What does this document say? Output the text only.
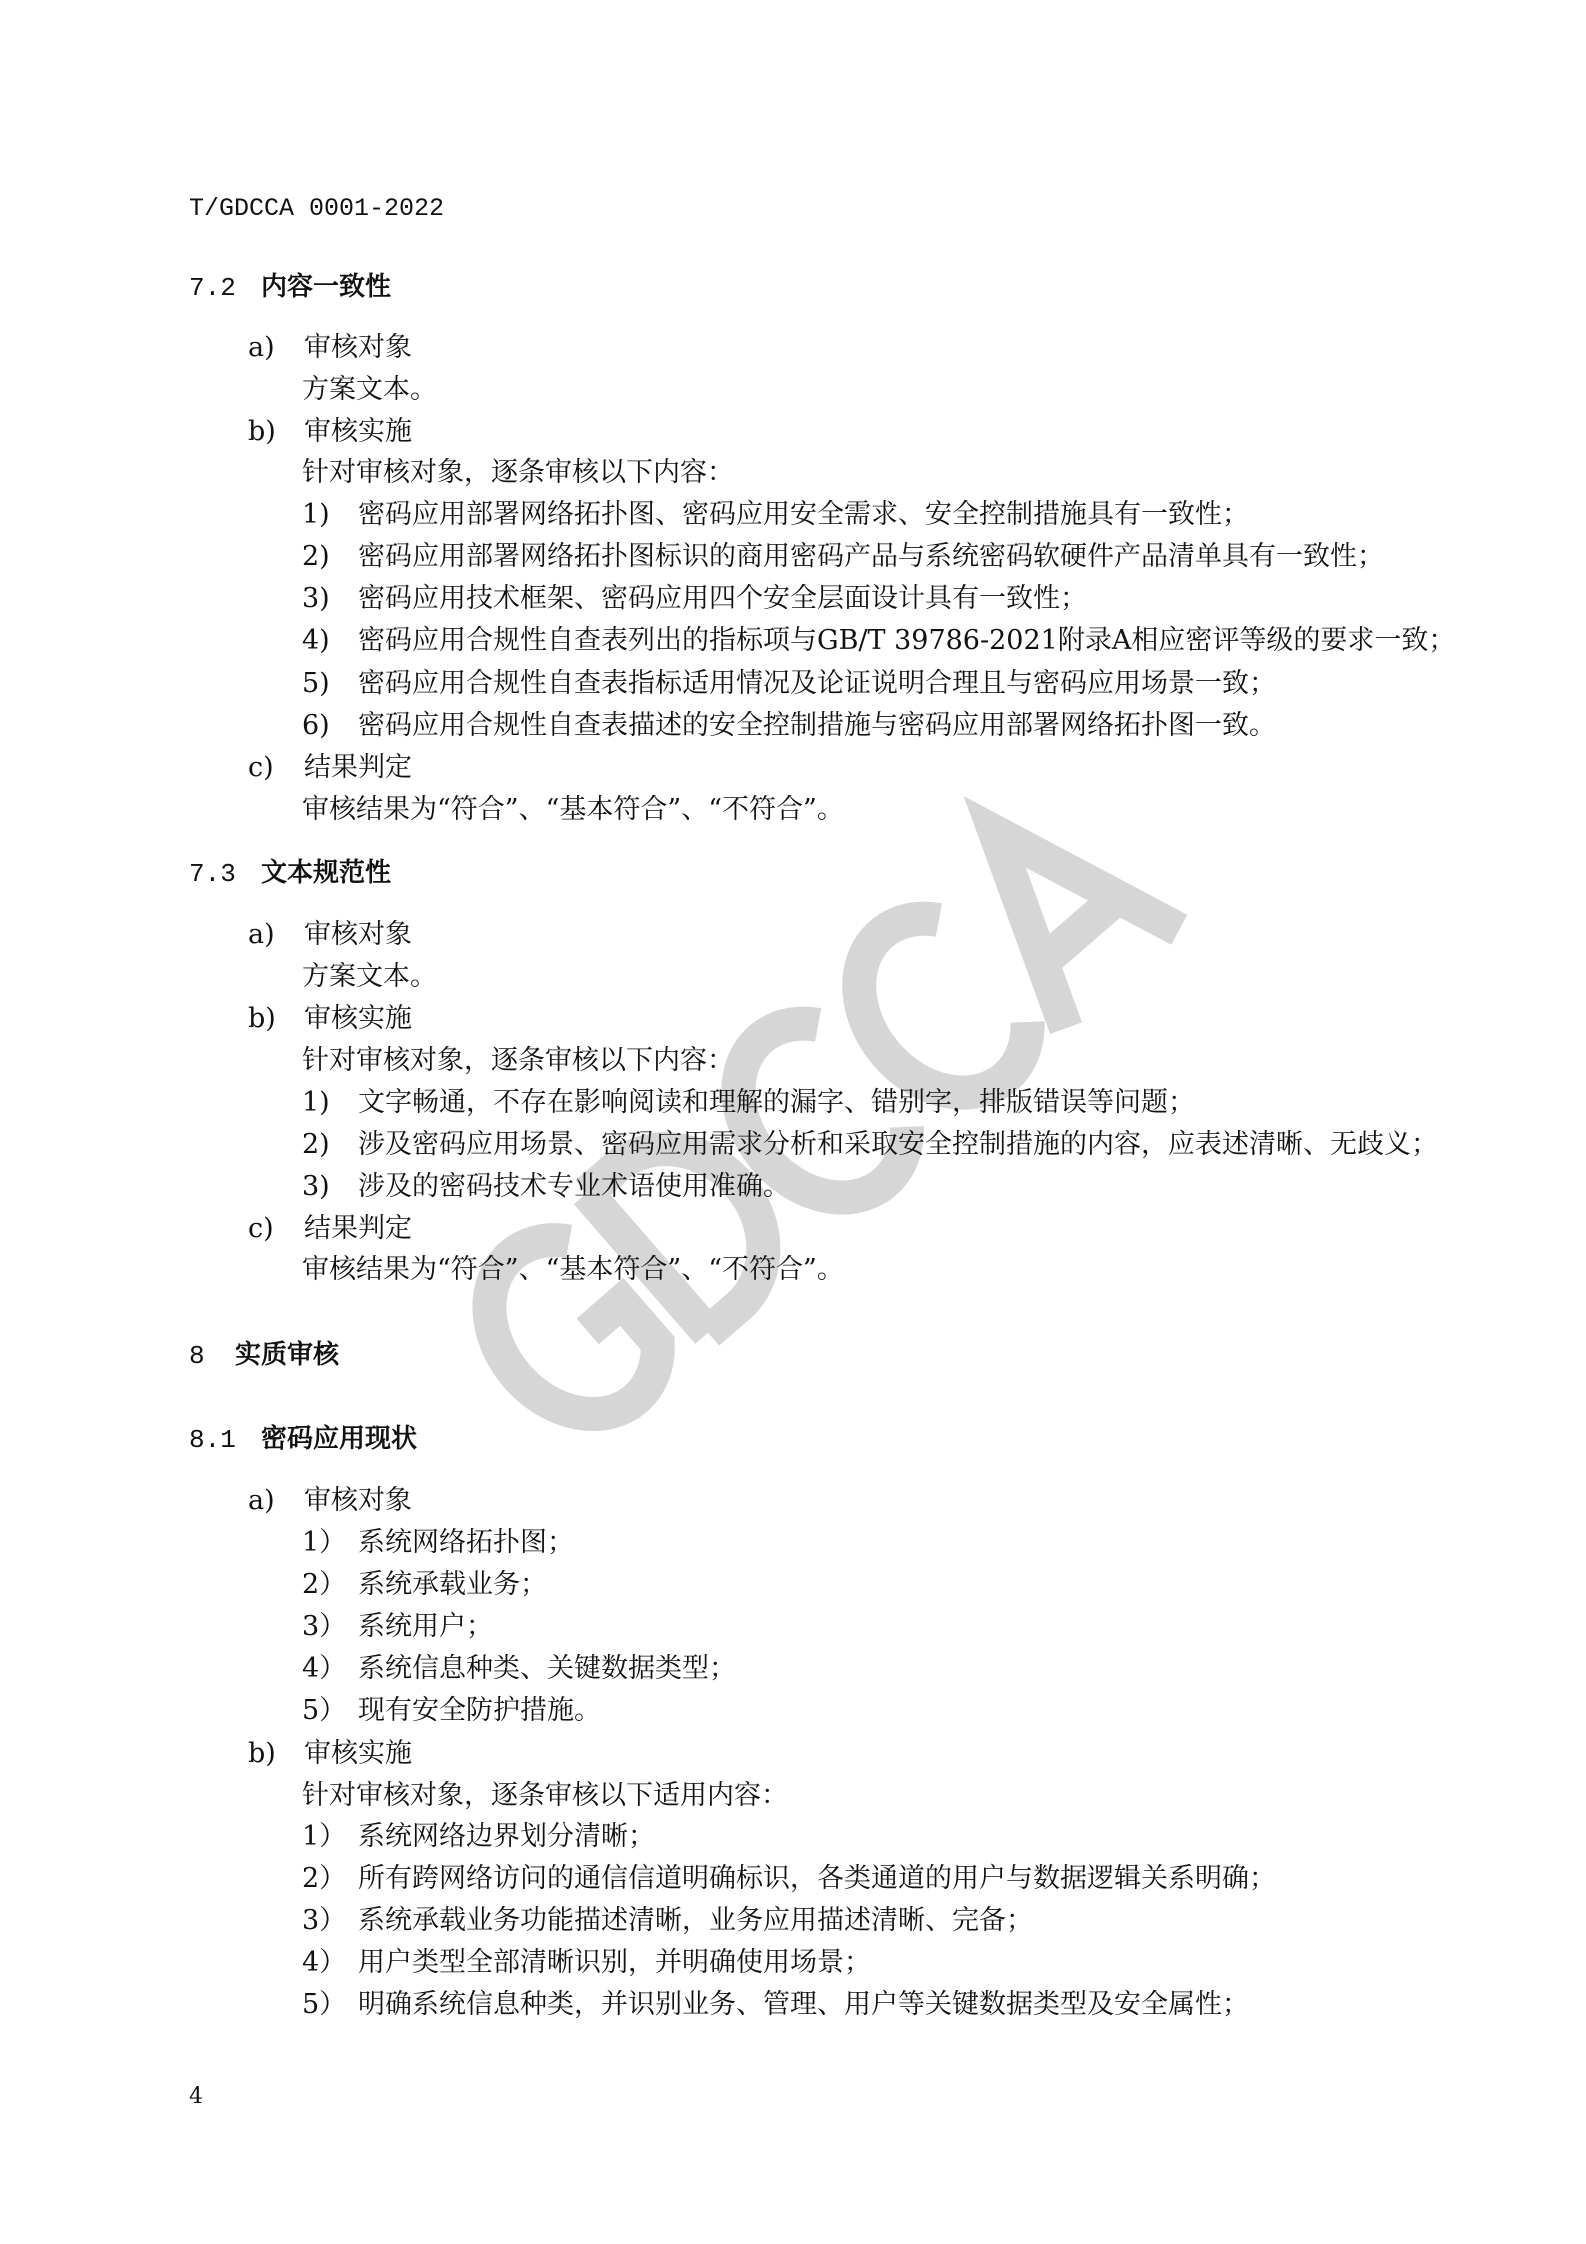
T/GDCCA 0001-2022
7.2 内容一致性
a) 审核对象
方案文本。
b) 审核实施
针对审核对象，逐条审核以下内容：
1) 密码应用部署网络拓扑图、密码应用安全需求、安全控制措施具有一致性；
2) 密码应用部署网络拓扑图标识的商用密码产品与系统密码软硬件产品清单具有一致性；
3) 密码应用技术框架、密码应用四个安全层面设计具有一致性；
4) 密码应用合规性自查表列出的指标项与GB/T 39786-2021附录A相应密评等级的要求一致；
5) 密码应用合规性自查表指标适用情况及论证说明合理且与密码应用场景一致；
6) 密码应用合规性自查表描述的安全控制措施与密码应用部署网络拓扑图一致。
c) 结果判定
审核结果为“符合”、“基本符合”、“不符合”。
7.3 文本规范性
a) 审核对象
方案文本。
b) 审核实施
针对审核对象，逐条审核以下内容：
1) 文字畅通，不存在影响阅读和理解的漏字、错别字，排版错误等问题；
2) 涉及密码应用场景、密码应用需求分析和采取安全控制措施的内容，应表述清晰、无歧义；
3) 涉及的密码技术专业术语使用准确。
c) 结果判定
审核结果为“符合”、“基本符合”、“不符合”。
8 实质审核
8.1 密码应用现状
a) 审核对象
1） 系统网络拓扑图；
2） 系统承载业务；
3） 系统用户；
4） 系统信息种类、关键数据类型；
5） 现有安全防护措施。
b) 审核实施
针对审核对象，逐条审核以下适用内容：
1） 系统网络边界划分清晰；
2） 所有跨网络访问的通信信道明确标识，各类通道的用户与数据逻辑关系明确；
3） 系统承载业务功能描述清晰，业务应用描述清晰、完备；
4） 用户类型全部清晰识别，并明确使用场景；
5） 明确系统信息种类，并识别业务、管理、用户等关键数据类型及安全属性；
4
